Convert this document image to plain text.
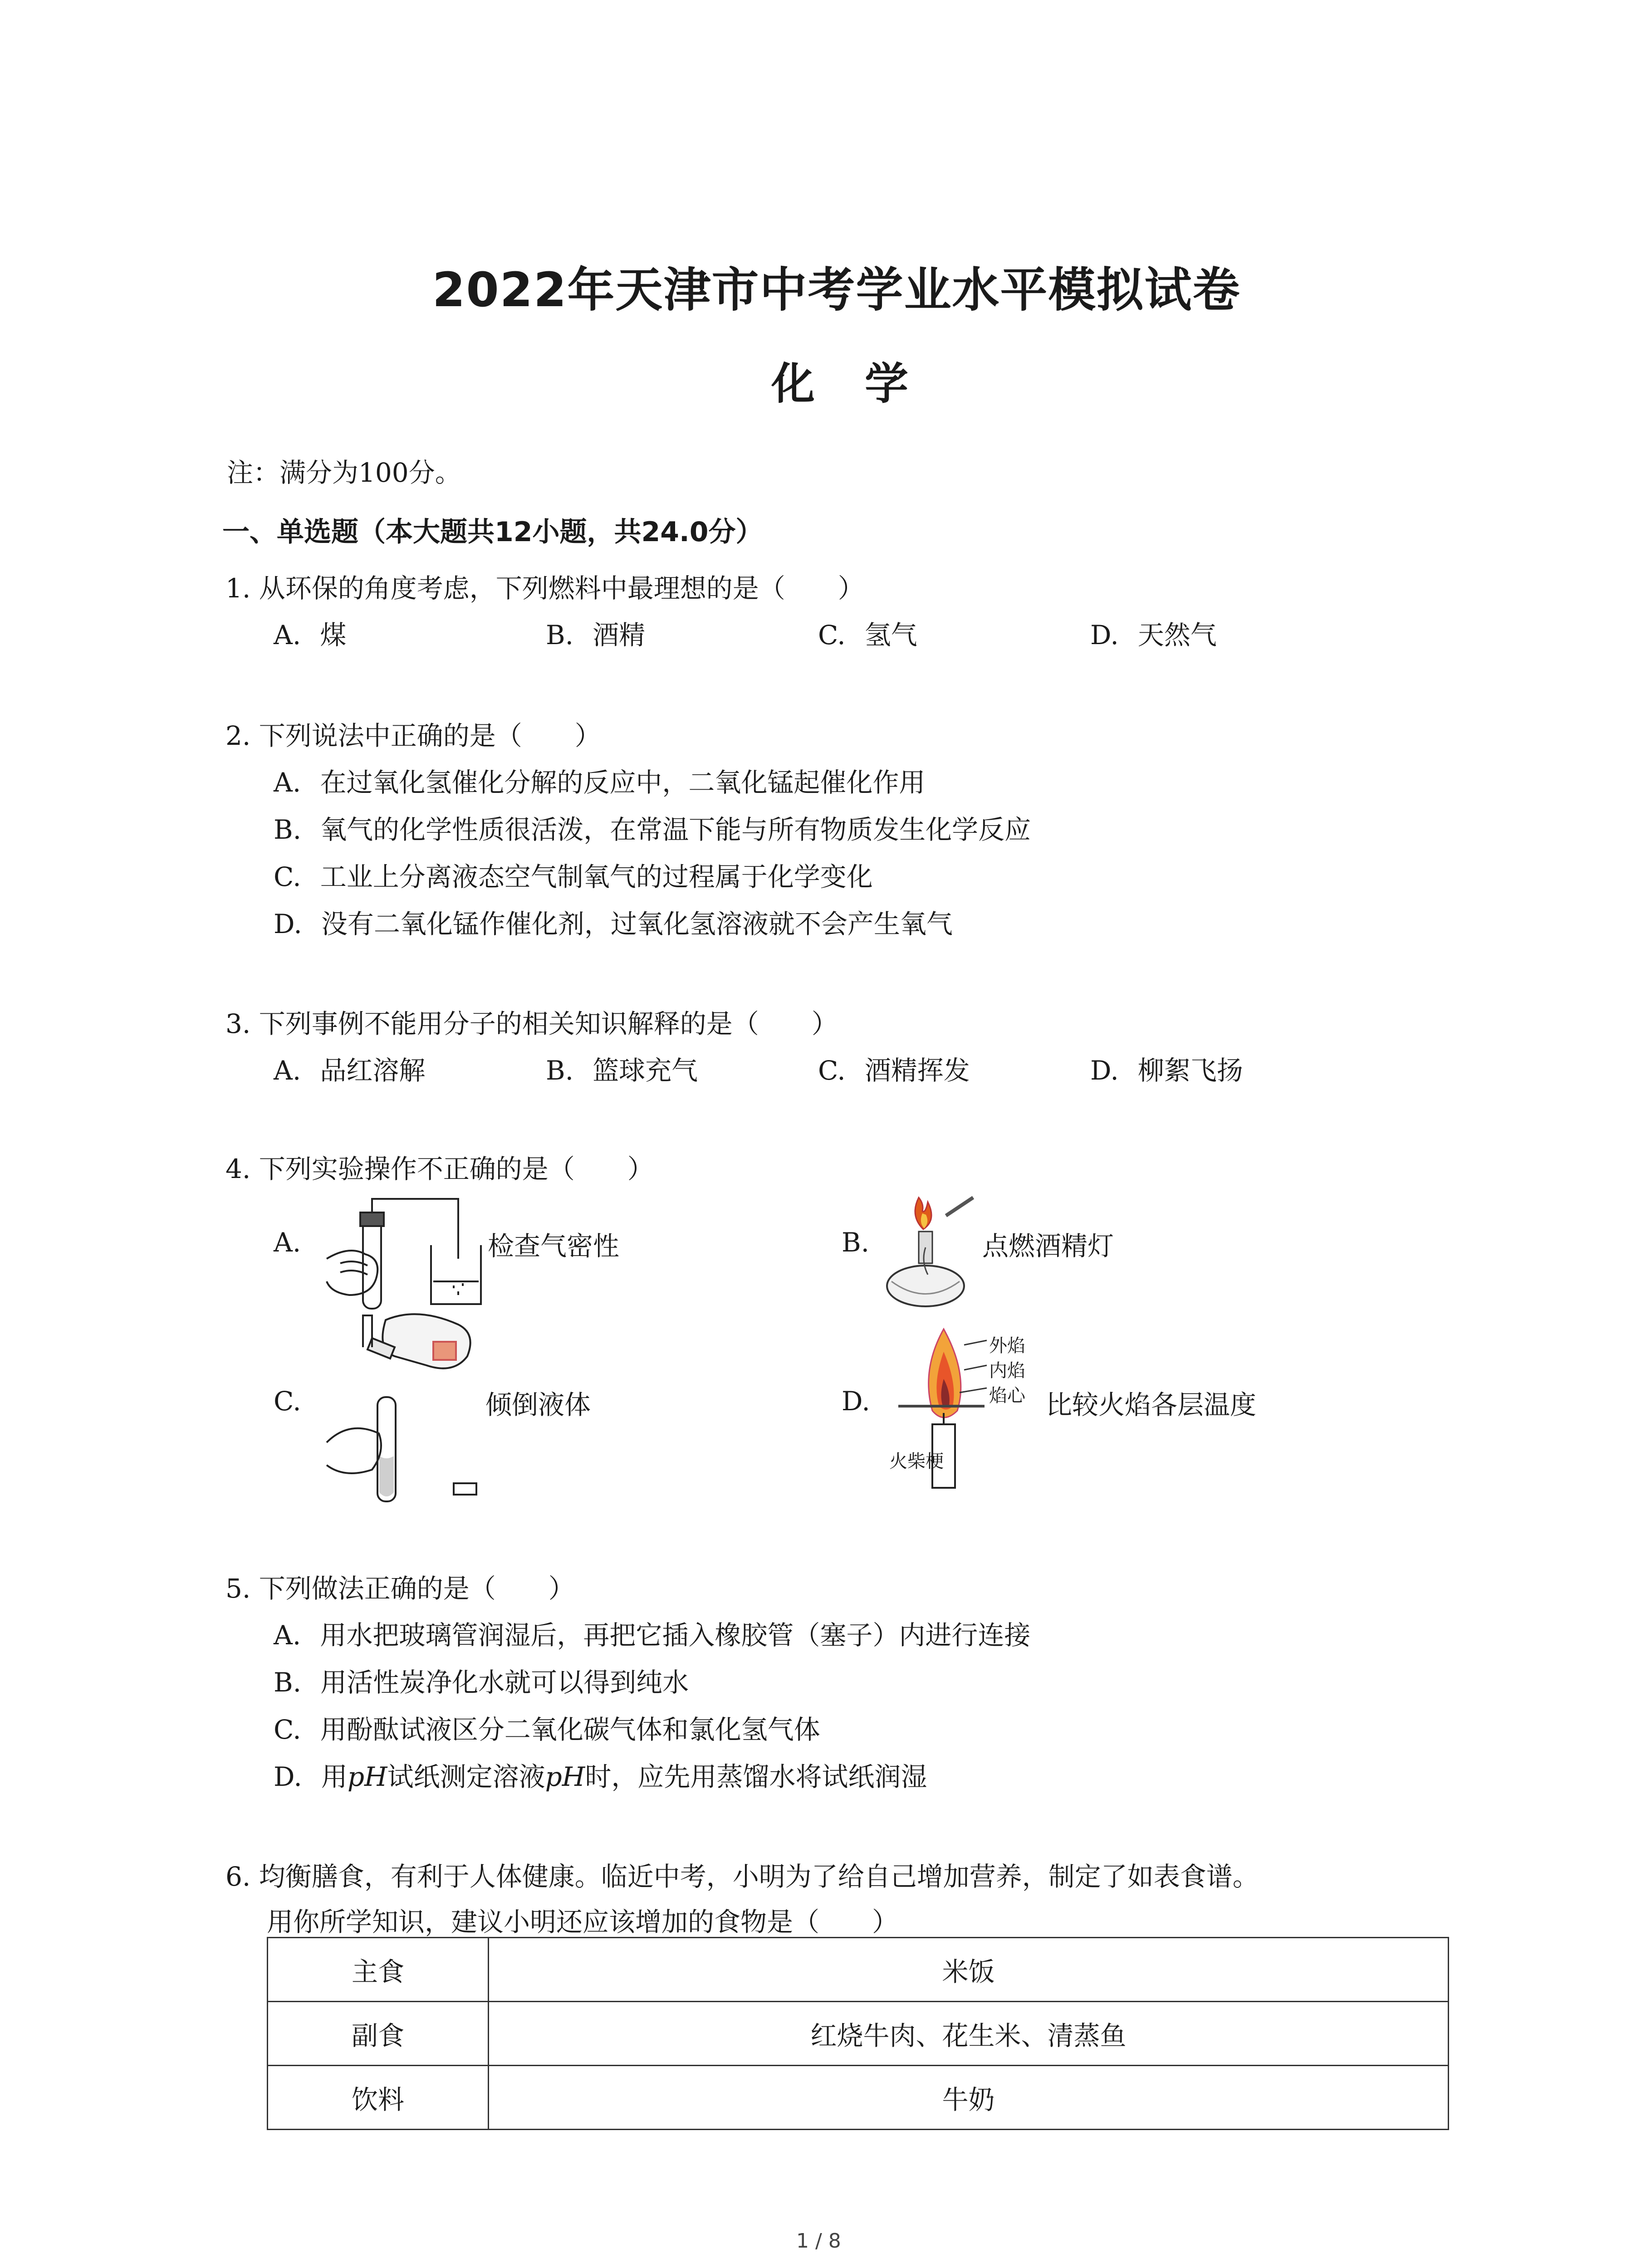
2022年天津市中考学业水平模拟试卷
化学
注：满分为100分。
一、单选题（本大题共12小题，共24.0分）
1. 从环保的角度考虑，下列燃料中最理想的是（　　）
A. 煤	B. 酒精	C. 氢气	D. 天然气
2. 下列说法中正确的是（　　）
A. 在过氧化氢催化分解的反应中，二氧化锰起催化作用
B. 氧气的化学性质很活泼，在常温下能与所有物质发生化学反应
C. 工业上分离液态空气制氧气的过程属于化学变化
D. 没有二氧化锰作催化剂，过氧化氢溶液就不会产生氧气
3. 下列事例不能用分子的相关知识解释的是（　　）
A. 品红溶解	B. 篮球充气	C. 酒精挥发	D. 柳絮飞扬
4. 下列实验操作不正确的是（　　）
A.	检查气密性	B.	点燃酒精灯
C.	倾倒液体	D.
外焰
内焰
焰心
火柴梗
比较火焰各层温度
5. 下列做法正确的是（　　）
A. 用水把玻璃管润湿后，再把它插入橡胶管（塞子）内进行连接
B. 用活性炭净化水就可以得到纯水
C. 用酚酞试液区分二氧化碳气体和氯化氢气体
D. 用pH试纸测定溶液pH时，应先用蒸馏水将试纸润湿
6. 均衡膳食，有利于人体健康。临近中考，小明为了给自己增加营养，制定了如表食谱。
用你所学知识，建议小明还应该增加的食物是（　　）
主食	米饭
副食	红烧牛肉、花生米、清蒸鱼
饮料	牛奶
1 / 8
